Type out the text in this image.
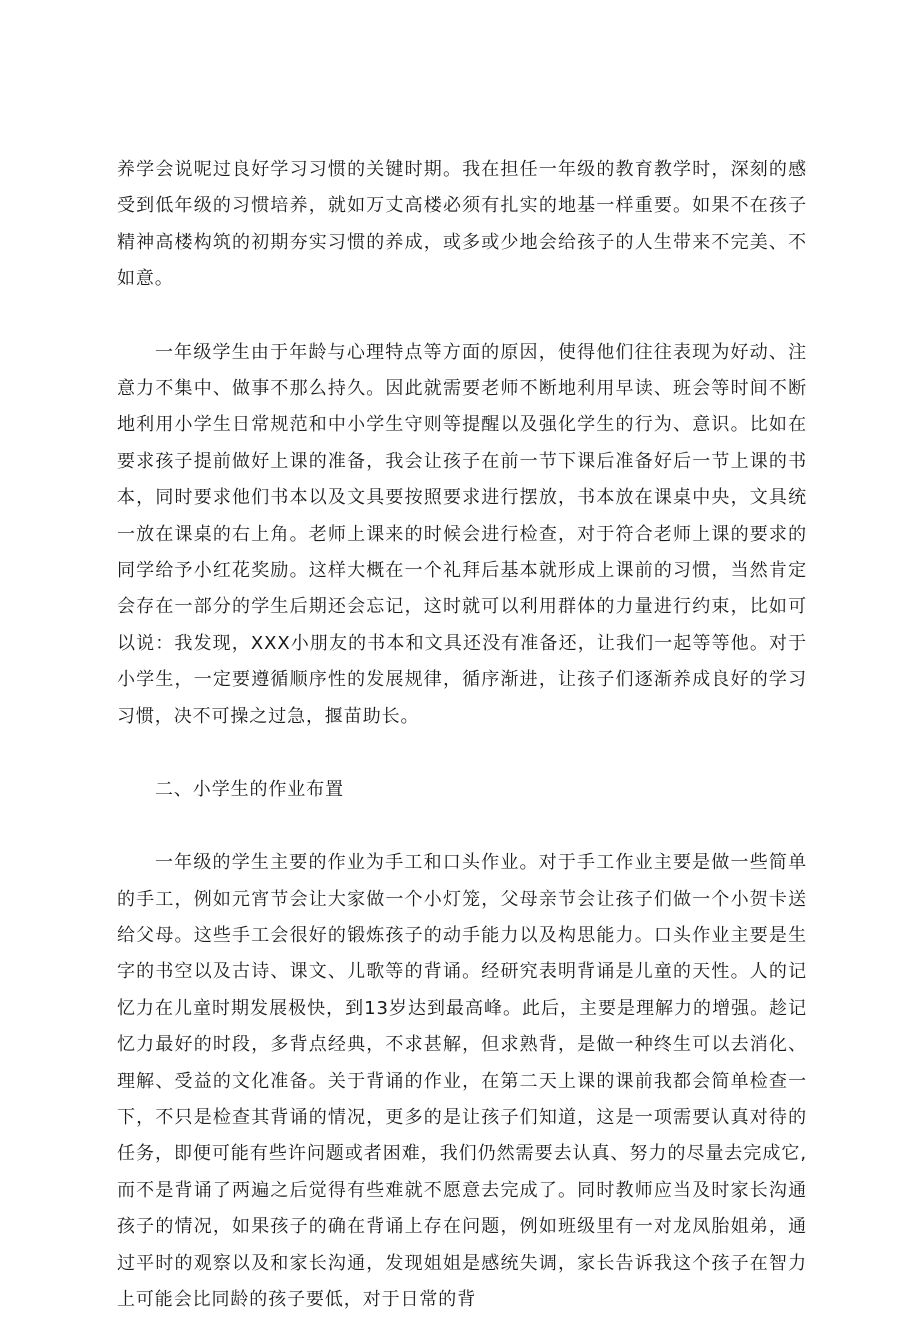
养学会说呢过良好学习习惯的关键时期。我在担任一年级的教育教学时，深刻的感受到低年级的习惯培养，就如万丈高楼必须有扎实的地基一样重要。如果不在孩子精神高楼构筑的初期夯实习惯的养成，或多或少地会给孩子的人生带来不完美、不如意。

一年级学生由于年龄与心理特点等方面的原因，使得他们往往表现为好动、注意力不集中、做事不那么持久。因此就需要老师不断地利用早读、班会等时间不断地利用小学生日常规范和中小学生守则等提醒以及强化学生的行为、意识。比如在要求孩子提前做好上课的准备，我会让孩子在前一节下课后准备好后一节上课的书本，同时要求他们书本以及文具要按照要求进行摆放，书本放在课桌中央，文具统一放在课桌的右上角。老师上课来的时候会进行检查，对于符合老师上课的要求的同学给予小红花奖励。这样大概在一个礼拜后基本就形成上课前的习惯，当然肯定会存在一部分的学生后期还会忘记，这时就可以利用群体的力量进行约束，比如可以说：我发现，XXX小朋友的书本和文具还没有准备还，让我们一起等等他。对于小学生，一定要遵循顺序性的发展规律，循序渐进，让孩子们逐渐养成良好的学习习惯，决不可操之过急，揠苗助长。

二、小学生的作业布置

一年级的学生主要的作业为手工和口头作业。对于手工作业主要是做一些简单的手工，例如元宵节会让大家做一个小灯笼，父母亲节会让孩子们做一个小贺卡送给父母。这些手工会很好的锻炼孩子的动手能力以及构思能力。口头作业主要是生字的书空以及古诗、课文、儿歌等的背诵。经研究表明背诵是儿童的天性。人的记忆力在儿童时期发展极快，到13岁达到最高峰。此后，主要是理解力的增强。趁记忆力最好的时段，多背点经典，不求甚解，但求熟背，是做一种终生可以去消化、理解、受益的文化准备。关于背诵的作业，在第二天上课的课前我都会简单检查一下，不只是检查其背诵的情况，更多的是让孩子们知道，这是一项需要认真对待的任务，即便可能有些许问题或者困难，我们仍然需要去认真、努力的尽量去完成它,而不是背诵了两遍之后觉得有些难就不愿意去完成了。同时教师应当及时家长沟通孩子的情况，如果孩子的确在背诵上存在问题，例如班级里有一对龙凤胎姐弟，通过平时的观察以及和家长沟通，发现姐姐是感统失调，家长告诉我这个孩子在智力上可能会比同龄的孩子要低，对于日常的背
